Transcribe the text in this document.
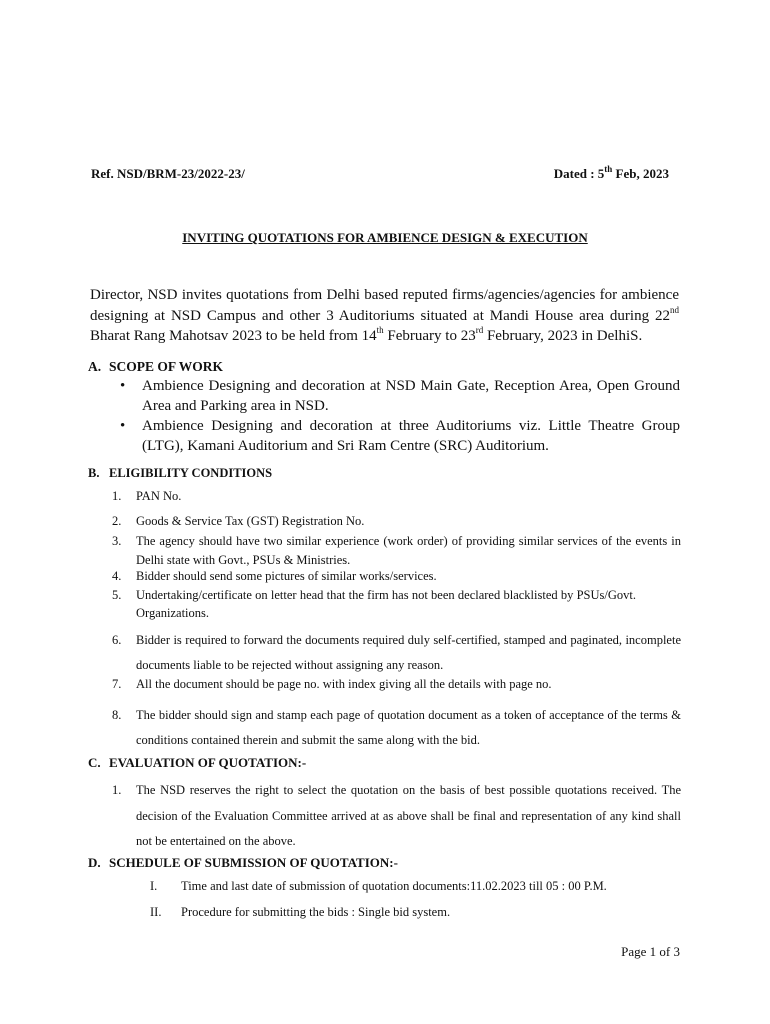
Ref. NSD/BRM-23/2022-23/	Dated : 5th Feb, 2023
INVITING QUOTATIONS FOR AMBIENCE DESIGN & EXECUTION
Director, NSD invites quotations from Delhi based reputed firms/agencies/agencies for ambience designing at NSD Campus and other 3 Auditoriums situated at Mandi House area during 22nd Bharat Rang Mahotsav 2023 to be held from 14th February to 23rd February, 2023 in DelhiS.
A. SCOPE OF WORK
• Ambience Designing and decoration at NSD Main Gate, Reception Area, Open Ground Area and Parking area in NSD.
• Ambience Designing and decoration at three Auditoriums viz. Little Theatre Group (LTG), Kamani Auditorium and Sri Ram Centre (SRC) Auditorium.
B. ELIGIBILITY CONDITIONS
1. PAN No.
2. Goods & Service Tax (GST) Registration No.
3. The agency should have two similar experience (work order) of providing similar services of the events in Delhi state with Govt., PSUs & Ministries.
4. Bidder should send some pictures of similar works/services.
5. Undertaking/certificate on letter head that the firm has not been declared blacklisted by PSUs/Govt.     Organizations.
6. Bidder is required to forward the documents required duly self-certified, stamped and paginated, incomplete documents liable to be rejected without assigning any reason.
7. All the document should be page no. with index giving all the details with page no.
8. The bidder should sign and stamp each page of quotation document as a token of acceptance of the terms & conditions contained therein and submit the same along with the bid.
C. EVALUATION OF QUOTATION:-
1. The NSD reserves the right to select the quotation on the basis of best possible quotations received. The decision of the Evaluation Committee arrived at as above shall be final and representation of any kind shall not be entertained on the above.
D. SCHEDULE OF SUBMISSION OF QUOTATION:-
I. Time and last date of submission of quotation documents:11.02.2023 till 05 : 00 P.M.
II. Procedure for submitting the bids : Single bid system.
Page 1 of 3
